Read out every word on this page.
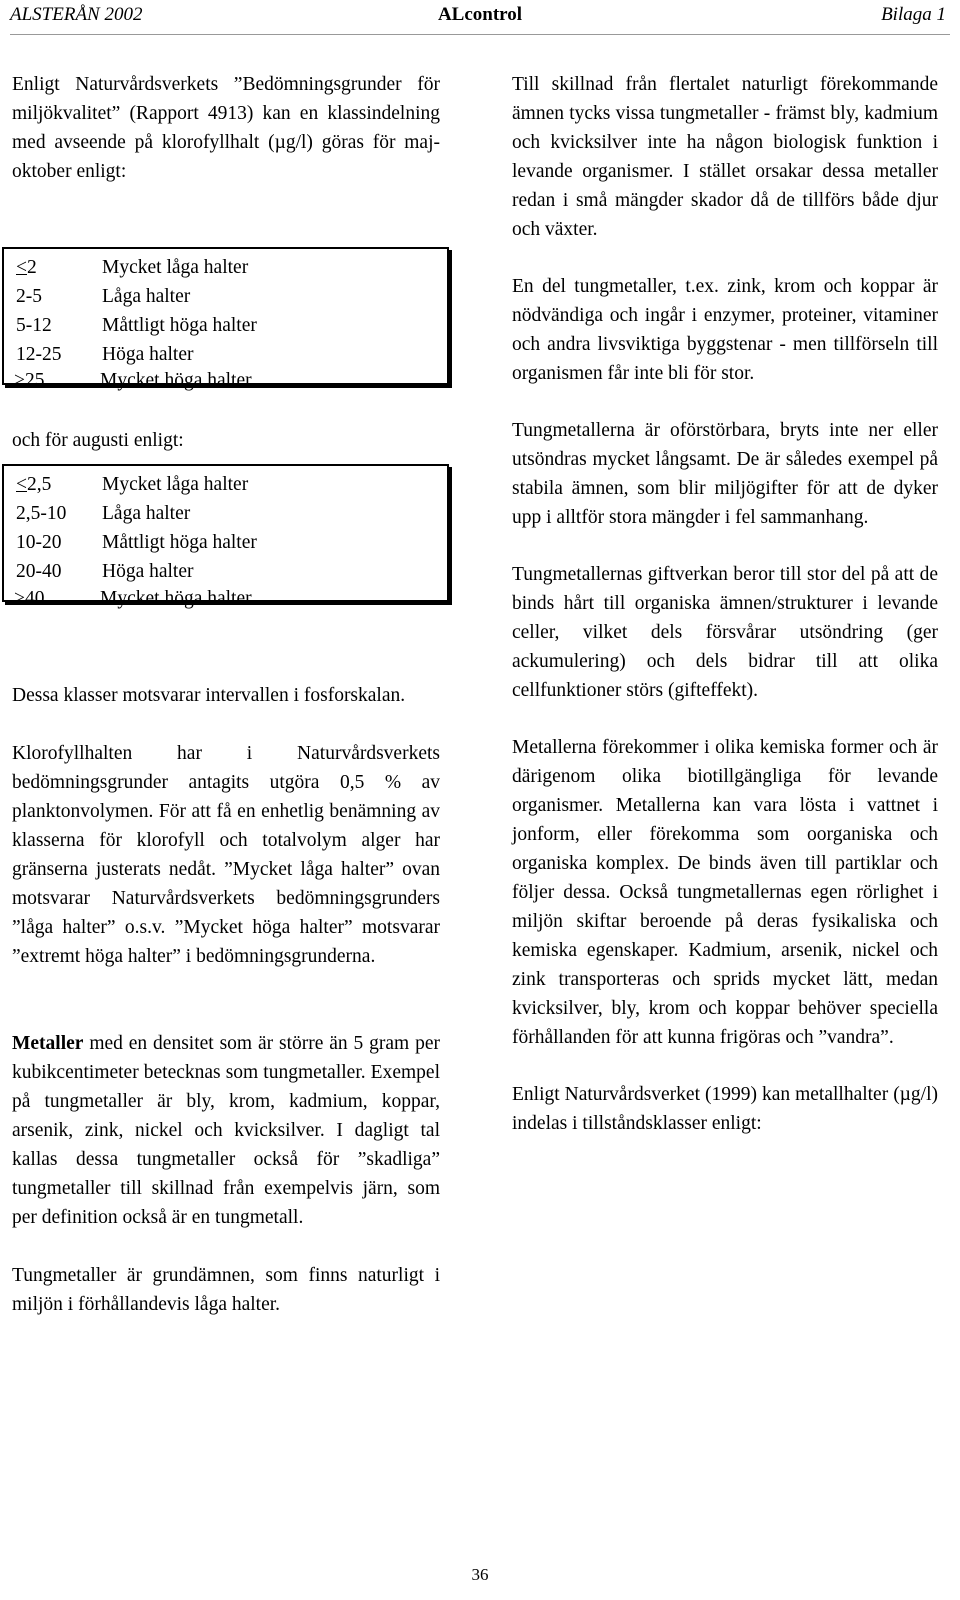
ALSTERÅN 2002	ALcontrol	Bilaga 1

Enligt Naturvårdsverkets ”Bedömningsgrunder för miljökvalitet” (Rapport 4913) kan en klassindelning med avseende på klorofyllhalt (µg/l) göras för maj-oktober enligt:

<2	Mycket låga halter
2-5	Låga halter
5-12	Måttligt höga halter
12-25 Höga halter
>25	Mycket höga halter
och för augusti enligt:
<2,5	Mycket låga halter
2,5-10 Låga halter
10-20 Måttligt höga halter
20-40 Höga halter
>40	Mycket höga halter

Dessa klasser motsvarar intervallen i fosforskalan.

Klorofyllhalten har i Naturvårdsverkets bedömningsgrunder antagits utgöra 0,5 % av planktonvolymen. För att få en enhetlig benämning av klasserna för klorofyll och totalvolym alger har gränserna justerats nedåt. ”Mycket låga halter” ovan motsvarar Naturvårdsverkets bedömningsgrunders ”låga halter” o.s.v. ”Mycket höga halter” motsvarar ”extremt höga halter” i bedömningsgrunderna.

Metaller med en densitet som är större än 5 gram per kubikcentimeter betecknas som tungmetaller. Exempel på tungmetaller är bly, krom, kadmium, koppar, arsenik, zink, nickel och kvicksilver. I dagligt tal kallas dessa tungmetaller också för ”skadliga” tungmetaller till skillnad från exempelvis järn, som per definition också är en tungmetall.

Tungmetaller är grundämnen, som finns naturligt i miljön i förhållandevis låga halter.

Till skillnad från flertalet naturligt förekommande ämnen tycks vissa tungmetaller - främst bly, kadmium och kvicksilver inte ha någon biologisk funktion i levande organismer. I stället orsakar dessa metaller redan i små mängder skador då de tillförs både djur och växter.

En del tungmetaller, t.ex. zink, krom och koppar är nödvändiga och ingår i enzymer, proteiner, vitaminer och andra livsviktiga byggstenar - men tillförseln till organismen får inte bli för stor.

Tungmetallerna är oförstörbara, bryts inte ner eller utsöndras mycket långsamt. De är således exempel på stabila ämnen, som blir miljögifter för att de dyker upp i alltför stora mängder i fel sammanhang.

Tungmetallernas giftverkan beror till stor del på att de binds hårt till organiska ämnen/strukturer i levande celler, vilket dels försvårar utsöndring (ger ackumulering) och dels bidrar till att olika cellfunktioner störs (gifteffekt).

Metallerna förekommer i olika kemiska former och är därigenom olika biotillgängliga för levande organismer. Metallerna kan vara lösta i vattnet i jonform, eller förekomma som oorganiska och organiska komplex. De binds även till partiklar och följer dessa. Också tungmetallernas egen rörlighet i miljön skiftar beroende på deras fysikaliska och kemiska egenskaper. Kadmium, arsenik, nickel och zink transporteras och sprids mycket lätt, medan kvicksilver, bly, krom och koppar behöver speciella förhållanden för att kunna frigöras och ”vandra”.

Enligt Naturvårdsverket (1999) kan metallhalter (µg/l) indelas i tillståndsklasser enligt:

36
